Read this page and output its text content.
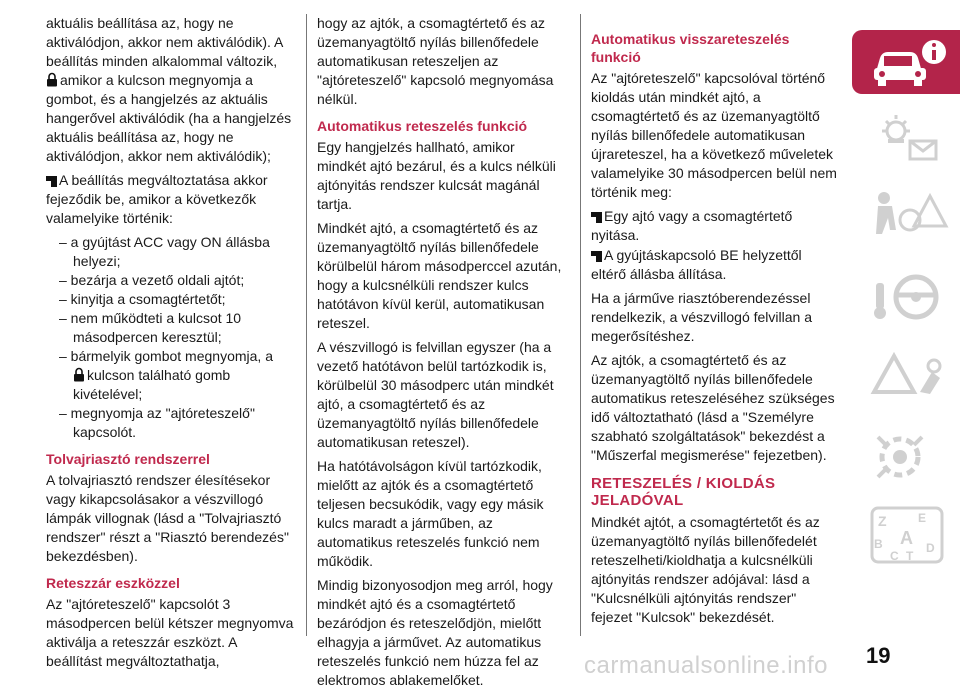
aktuális beállítása az, hogy ne aktiválódjon, akkor nem aktiválódik). A beállítás minden alkalommal változik,
amikor a kulcson megnyomja a gombot, és a hangjelzés az aktuális hangerővel aktiválódik (ha a hangjelzés aktuális beállítása az, hogy ne aktiválódjon, akkor nem aktiválódik);

A beállítás megváltoztatása akkor fejeződik be, amikor a következők valamelyike történik:

– a gyújtást ACC vagy ON állásba helyezi;
– bezárja a vezető oldali ajtót;
– kinyitja a csomagtértetőt;
– nem működteti a kulcsot 10 másodpercen keresztül;
– bármelyik gombot megnyomja, a
kulcson található gomb kivételével;
– megnyomja az "ajtóreteszelő" kapcsolót.

Tolvajriasztó rendszerrel

A tolvajriasztó rendszer élesítésekor vagy kikapcsolásakor a vészvillogó lámpák villognak (lásd a "Tolvajriasztó rendszer" részt a "Riasztó berendezés" bekezdésben).

Reteszzár eszközzel

Az "ajtóreteszelő" kapcsolót 3 másodpercen belül kétszer megnyomva aktiválja a reteszzár eszközt. A beállítást megváltoztathatja,

hogy az ajtók, a csomagtértető és az üzemanyagtöltő nyílás billenőfedele automatikusan reteszeljen az "ajtóreteszelő" kapcsoló megnyomása nélkül.

Automatikus reteszelés funkció

Egy hangjelzés hallható, amikor mindkét ajtó bezárul, és a kulcs nélküli ajtónyitás rendszer kulcsát magánál tartja.

Mindkét ajtó, a csomagtértető és az üzemanyagtöltő nyílás billenőfedele körülbelül három másodperccel azután, hogy a kulcsnélküli rendszer kulcs hatótávon kívül kerül, automatikusan reteszel.

A vészvillogó is felvillan egyszer (ha a vezető hatótávon belül tartózkodik is, körülbelül 30 másodperc után mindkét ajtó, a csomagtértető és az üzemanyagtöltő nyílás billenőfedele automatikusan reteszel).

Ha hatótávolságon kívül tartózkodik, mielőtt az ajtók és a csomagtértető teljesen becsukódik, vagy egy másik kulcs maradt a járműben, az automatikus reteszelés funkció nem működik.

Mindig bizonyosodjon meg arról, hogy mindkét ajtó és a csomagtértető bezáródjon és reteszelődjön, mielőtt elhagyja a járművet. Az automatikus reteszelés funkció nem húzza fel az elektromos ablakemelőket.

Automatikus visszareteszelés funkció

Az "ajtóreteszelő" kapcsolóval történő kioldás után mindkét ajtó, a csomagtértető és az üzemanyagtöltő nyílás billenőfedele automatikusan újrareteszel, ha a következő műveletek valamelyike 30 másodpercen belül nem történik meg:

Egy ajtó vagy a csomagtértető nyitása.

A gyújtáskapcsoló BE helyzettől eltérő állásba állítása.

Ha a járműve riasztóberendezéssel rendelkezik, a vészvillogó felvillan a megerősítéshez.

Az ajtók, a csomagtértető és az üzemanyagtöltő nyílás billenőfedele automatikus reteszeléséhez szükséges idő változtatható (lásd a "Személyre szabható szolgáltatások" bekezdést a "Műszerfal megismerése" fejezetben).

RETESZELÉS / KIOLDÁS JELADÓVAL

Mindkét ajtót, a csomagtértetőt és az üzemanyagtöltő nyílás billenőfedelét reteszelheti/kioldhatja a kulcsnélküli ajtónyitás rendszer adójával: lásd a "Kulcsnélküli ajtónyitás rendszer" fejezet "Kulcsok" bekezdését.

Z	E
B A D
C T
19
carmanualsonline.info
